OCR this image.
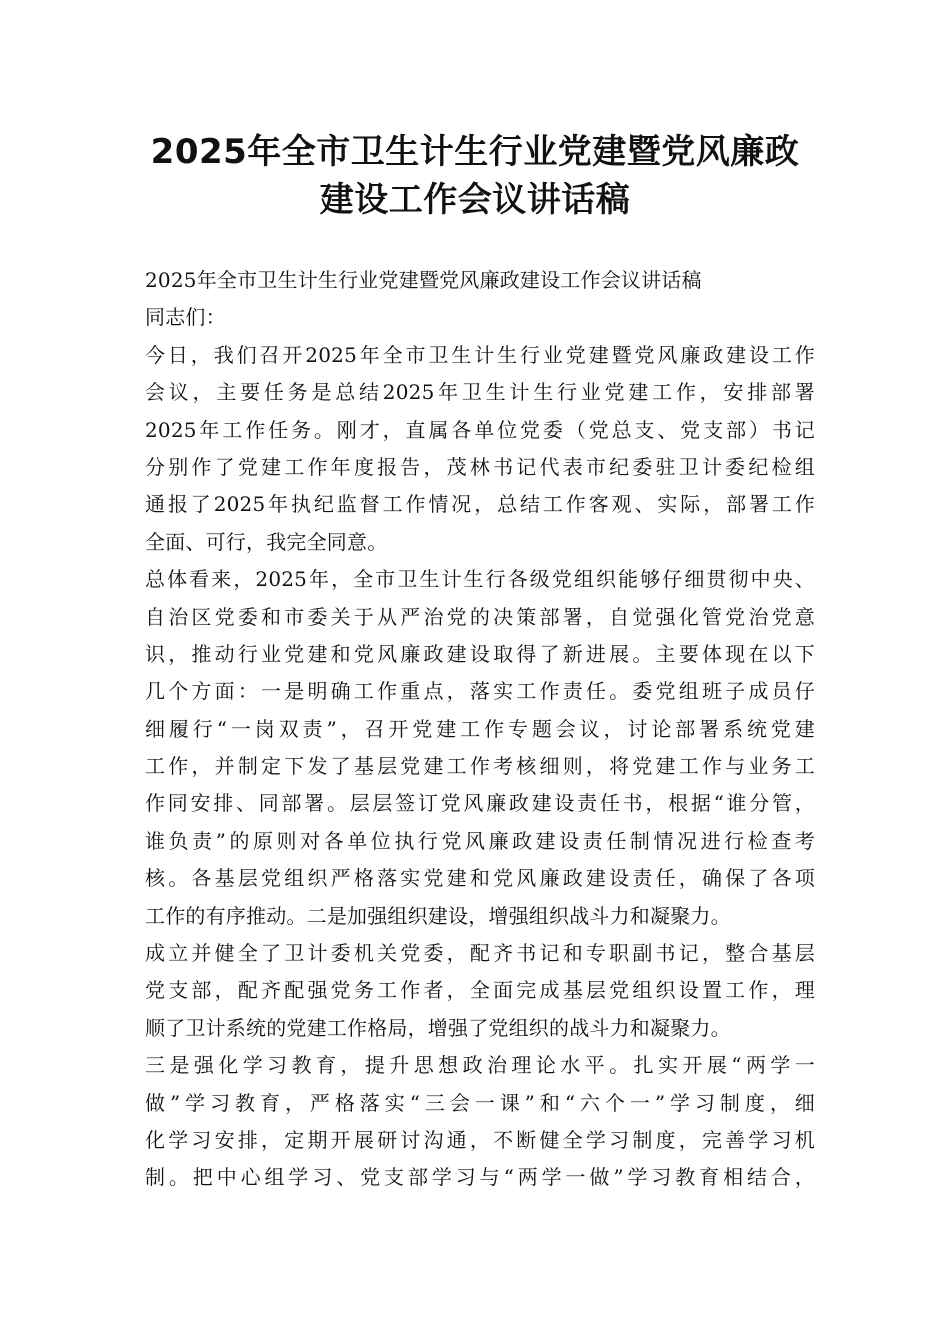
2025年全市卫生计生行业党建暨党风廉政
建设工作会议讲话稿
2025年全市卫生计生行业党建暨党风廉政建设工作会议讲话稿
同志们：
今日，我们召开2025年全市卫生计生行业党建暨党风廉政建设工作
会议，主要任务是总结2025年卫生计生行业党建工作，安排部署
2025年工作任务。刚才，直属各单位党委（党总支、党支部）书记
分别作了党建工作年度报告，茂林书记代表市纪委驻卫计委纪检组
通报了2025年执纪监督工作情况，总结工作客观、实际，部署工作
全面、可行，我完全同意。
总体看来，2025年，全市卫生计生行各级党组织能够仔细贯彻中央、
自治区党委和市委关于从严治党的决策部署，自觉强化管党治党意
识，推动行业党建和党风廉政建设取得了新进展。主要体现在以下
几个方面：一是明确工作重点，落实工作责任。委党组班子成员仔
细履行“一岗双责”，召开党建工作专题会议，讨论部署系统党建
工作，并制定下发了基层党建工作考核细则，将党建工作与业务工
作同安排、同部署。层层签订党风廉政建设责任书，根据“谁分管，
谁负责”的原则对各单位执行党风廉政建设责任制情况进行检查考
核。各基层党组织严格落实党建和党风廉政建设责任，确保了各项
工作的有序推动。二是加强组织建设，增强组织战斗力和凝聚力。
成立并健全了卫计委机关党委，配齐书记和专职副书记，整合基层
党支部，配齐配强党务工作者，全面完成基层党组织设置工作，理
顺了卫计系统的党建工作格局，增强了党组织的战斗力和凝聚力。
三是强化学习教育，提升思想政治理论水平。扎实开展“两学一
做”学习教育，严格落实“三会一课”和“六个一”学习制度，细
化学习安排，定期开展研讨沟通，不断健全学习制度，完善学习机
制。把中心组学习、党支部学习与“两学一做”学习教育相结合，
